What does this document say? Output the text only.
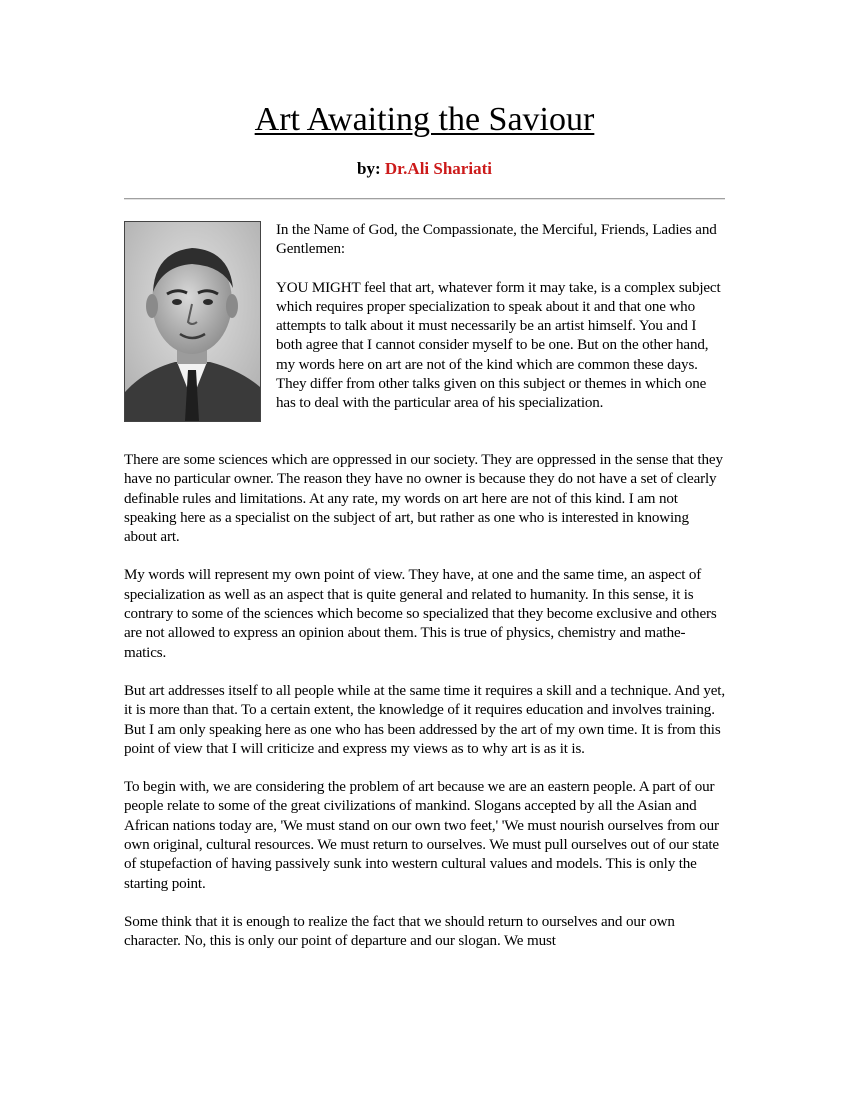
Art Awaiting the Saviour
by: Dr.Ali Shariati

In the Name of God, the Compassionate, the Merciful, Friends, Ladies and Gentlemen:

YOU MIGHT feel that art, whatever form it may take, is a complex subject which requires proper specialization to speak about it and that one who attempts to talk about it must necessarily be an artist himself. You and I both agree that I cannot consider myself to be one. But on the other hand, my words here on art are not of the kind which are common these days. They differ from other talks given on this subject or themes in which one has to deal with the particular area of his specialization.

There are some sciences which are oppressed in our society. They are oppressed in the sense that they have no particular owner. The reason they have no owner is because they do not have a set of clearly definable rules and limitations. At any rate, my words on art here are not of this kind. I am not speaking here as a specialist on the subject of art, but rather as one who is interested in knowing about art.

My words will represent my own point of view. They have, at one and the same time, an aspect of specialization as well as an aspect that is quite general and related to humanity. In this sense, it is contrary to some of the sciences which become so specialized that they become exclusive and others are not allowed to express an opinion about them. This is true of physics, chemistry and mathe- matics.

But art addresses itself to all people while at the same time it requires a skill and a technique. And yet, it is more than that. To a certain extent, the knowledge of it requires education and involves training. But I am only speaking here as one who has been addressed by the art of my own time. It is from this point of view that I will criticize and express my views as to why art is as it is.

To begin with, we are considering the problem of art because we are an eastern people. A part of our people relate to some of the great civilizations of mankind. Slogans accepted by all the Asian and African nations today are, 'We must stand on our own two feet,' 'We must nourish ourselves from our own original, cultural resources. We must return to ourselves. We must pull ourselves out of our state of stupefaction of having passively sunk into western cultural values and models. This is only the starting point.

Some think that it is enough to realize the fact that we should return to ourselves and our own character. No, this is only our point of departure and our slogan. We must
